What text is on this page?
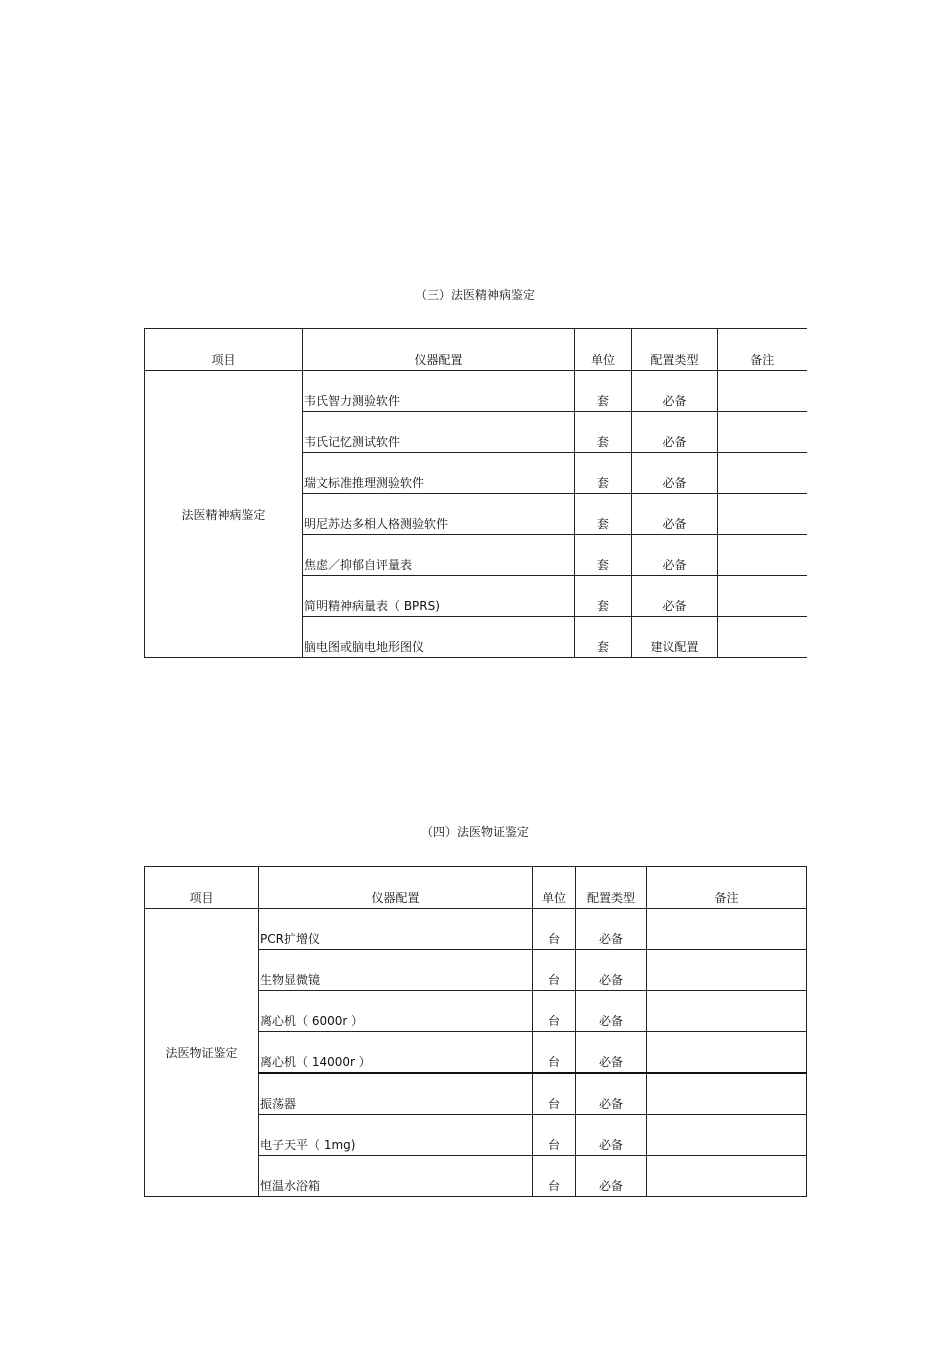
（三）法医精神病鉴定
项目	仪器配置	单位	配置类型	备注
法医精神病鉴定	韦氏智力测验软件	套	必备	
	韦氏记忆测试软件	套	必备	
	瑞文标准推理测验软件	套	必备	
	明尼苏达多相人格测验软件	套	必备	
	焦虑／抑郁自评量表	套	必备	
	简明精神病量表（ BPRS)	套	必备	
	脑电图或脑电地形图仪	套	建议配置	
（四）法医物证鉴定
项目	仪器配置	单位	配置类型	备注
法医物证鉴定	PCR扩增仪	台	必备	
	生物显微镜	台	必备	
	离心机（ 6000r ）	台	必备	
	离心机（ 14000r ）	台	必备	
	振荡器	台	必备	
	电子天平（ 1mg)	台	必备	
	恒温水浴箱	台	必备	
